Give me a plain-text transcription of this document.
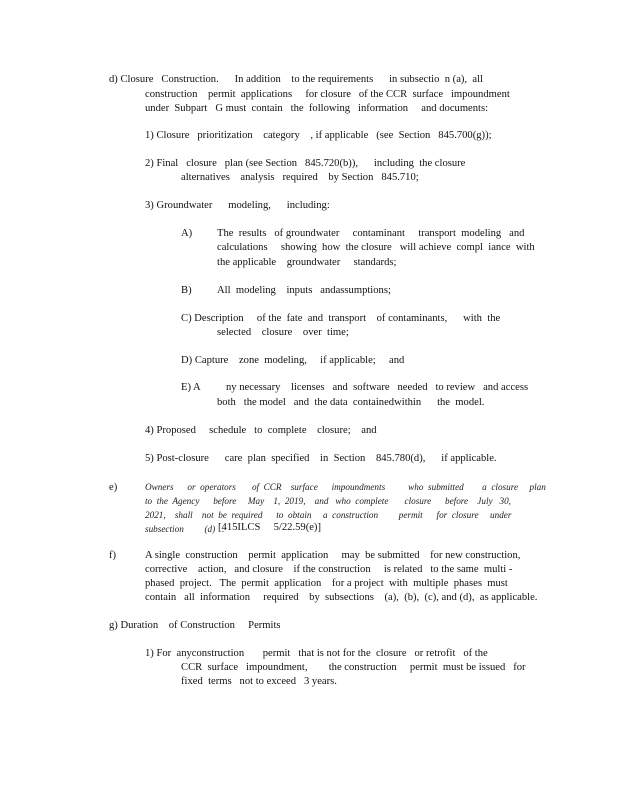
d) Closure   Construction.      In addition    to the requirements      in subsectio  n (a),  all
construction    permit  applications     for closure   of the CCR  surface   impoundment
under  Subpart   G must  contain   the  following   information     and documents:
1) Closure   prioritization    category    , if applicable   (see  Section   845.700(g));
2) Final   closure   plan (see Section   845.720(b)),      including  the closure
alternatives    analysis   required    by Section   845.710;
3) Groundwater      modeling,      including:
A) The  results   of groundwater     contaminant     transport  modeling   and
calculations     showing  how  the closure   will achieve  compl  iance  with
the applicable    groundwater     standards;
B) All  modeling    inputs   andassumptions;
C) Description     of the  fate  and  transport    of contaminants,      with  the
selected    closure    over  time;
D) Capture    zone  modeling,     if applicable;     and
E) A ny necessary    licenses   and  software   needed   to review   and access
both   the model   and  the data  containedwithin      the  model.
4) Proposed     schedule   to  complete    closure;    and
5) Post-closure      care  plan  specified    in  Section    845.780(d),      if applicable.
e)	Owners      or  operators       of  CCR    surface      impoundments          who  submitted        a  closure     plan
to  the  Agency      before     May    1,  2019,    and   who  complete       closure      before    July   30,
2021,    shall    not  be  required      to  obtain     a  construction         permit      for  closure     under
subsection         (d)   .
[415ILCS     5/22.59(e)]
f)	A single  construction    permit  application     may  be submitted    for new construction,
corrective    action,   and closure    if the construction     is related   to the same  multi -
phased  project.   The  permit  application    for a project  with  multiple  phases  must
contain   all  information     required    by  subsections    (a),  (b),  (c), and (d),  as applicable.
g) Duration    of Construction     Permits
1) For  anyconstruction       permit   that is not for the  closure   or retrofit   of the
CCR  surface   impoundment,        the construction     permit  must be issued   for
fixed  terms   not to exceed   3 years.
